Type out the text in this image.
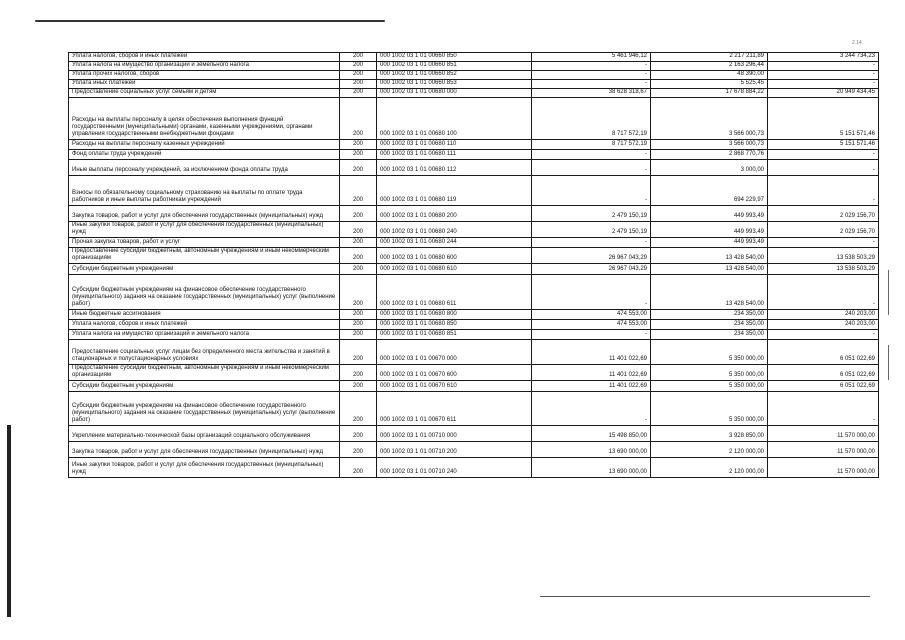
2.14
Уплата налогов, сборов и иных платежей	200	000 1002 03 1 01 00660 850	5 461 946,12	2 217 211,89	3 244 734,23
Уплата налога на имущество организаций и земельного налога	200	000 1002 03 1 01 00660 851	-	2 163 296,44	-
Уплата прочих налогов, сборов	200	000 1002 03 1 01 00660 852	-	48 390,00	-
Уплата иных платежей	200	000 1002 03 1 01 00660 853	-	5 525,45	-
Предоставление социальных услуг семьям и детям	200	000 1002 03 1 01 00680 000	38 628 318,67	17 678 884,22	20 949 434,45
Расходы на выплаты персоналу в целях обеспечения выполнения функций государственными (муниципальными) органами, казенными учреждениями, органами управления государственными внебюджетными фондами	200	000 1002 03 1 01 00680 100	8 717 572,19	3 566 000,73	5 151 571,46
Расходы на выплаты персоналу казенных учреждений	200	000 1002 03 1 01 00680 110	8 717 572,19	3 566 000,73	5 151 571,46
Фонд оплаты труда учреждений	200	000 1002 03 1 01 00680 111	-	2 868 770,76	-
Иные выплаты персоналу учреждений, за исключением фонда оплаты труда	200	000 1002 03 1 01 00680 112	-	3 000,00	-
Взносы по обязательному социальному страхованию на выплаты по оплате труда работников и иные выплаты работникам учреждений	200	000 1002 03 1 01 00680 119	-	694 229,97	-
Закупка товаров, работ и услуг для обеспечения государственных (муниципальных) нужд	200	000 1002 03 1 01 00680 200	2 479 150,19	449 993,49	2 029 156,70
Иные закупки товаров, работ и услуг для обеспечения государственных (муниципальных) нужд	200	000 1002 03 1 01 00680 240	2 479 150,19	449 993,49	2 029 156,70
Прочая закупка товаров, работ и услуг	200	000 1002 03 1 01 00680 244	-	449 993,49	-
Предоставление субсидий бюджетным, автономным учреждениям и иным некоммерческим организациям	200	000 1002 03 1 01 00680 600	26 967 043,29	13 428 540,00	13 538 503,29
Субсидии бюджетным учреждениям	200	000 1002 03 1 01 00680 610	26 967 043,29	13 428 540,00	13 538 503,29
Субсидии бюджетным учреждениям на финансовое обеспечение государственного (муниципального) задания на оказание государственных (муниципальных) услуг (выполнение работ)	200	000 1002 03 1 01 00680 611	-	13 428 540,00	-
Иные бюджетные ассигнования	200	000 1002 03 1 01 00680 800	474 553,00	234 350,00	240 203,00
Уплата налогов, сборов и иных платежей	200	000 1002 03 1 01 00680 850	474 553,00	234 350,00	240 203,00
Уплата налога на имущество организаций и земельного налога	200	000 1002 03 1 01 00680 851	-	234 350,00	-
Предоставление социальных услуг лицам без определенного места жительства и занятий в стационарных и полустационарных условиях	200	000 1002 03 1 01 00670 000	11 401 022,69	5 350 000,00	6 051 022,69
Предоставление субсидий бюджетным, автономным учреждениям и иным некоммерческим организациям	200	000 1002 03 1 01 00670 600	11 401 022,69	5 350 000,00	6 051 022,69
Субсидии бюджетным учреждениям	200	000 1002 03 1 01 00670 610	11 401 022,69	5 350 000,00	6 051 022,69
Субсидии бюджетным учреждениям на финансовое обеспечение государственного (муниципального) задания на оказание государственных (муниципальных) услуг (выполнение работ)	200	000 1002 03 1 01 00670 611	-	5 350 000,00	-
Укрепление материально-технической базы организаций социального обслуживания	200	000 1002 03 1 01 00710 000	15 498 850,00	3 928 850,00	11 570 000,00
Закупка товаров, работ и услуг для обеспечения государственных (муниципальных) нужд	200	000 1002 03 1 01 00710 200	13 690 000,00	2 120 000,00	11 570 000,00
Иные закупки товаров, работ и услуг для обеспечения государственных (муниципальных) нужд	200	000 1002 03 1 01 00710 240	13 690 000,00	2 120 000,00	11 570 000,00
